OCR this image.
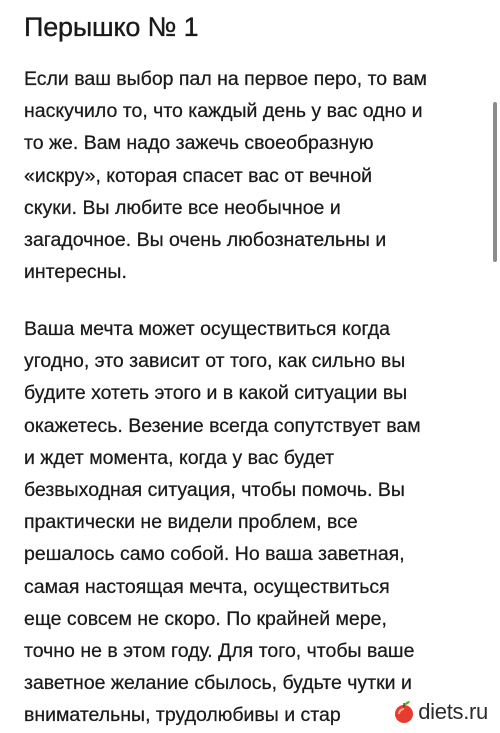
Перышко № 1

Если ваш выбор пал на первое перо, то вам
наскучило то, что каждый день у вас одно и
то же. Вам надо зажечь своеобразную
«искру», которая спасет вас от вечной
скуки. Вы любите все необычное и
загадочное. Вы очень любознательны и
интересны.

Ваша мечта может осуществиться когда
угодно, это зависит от того, как сильно вы
будите хотеть этого и в какой ситуации вы
окажетесь. Везение всегда сопутствует вам
и ждет момента, когда у вас будет
безвыходная ситуация, чтобы помочь. Вы
практически не видели проблем, все
решалось само собой. Но ваша заветная,
самая настоящая мечта, осуществиться
еще совсем не скоро. По крайней мере,
точно не в этом году. Для того, чтобы ваше
заветное желание сбылось, будьте чутки и
внимательны, трудолюбивы и стар	diets.ru
